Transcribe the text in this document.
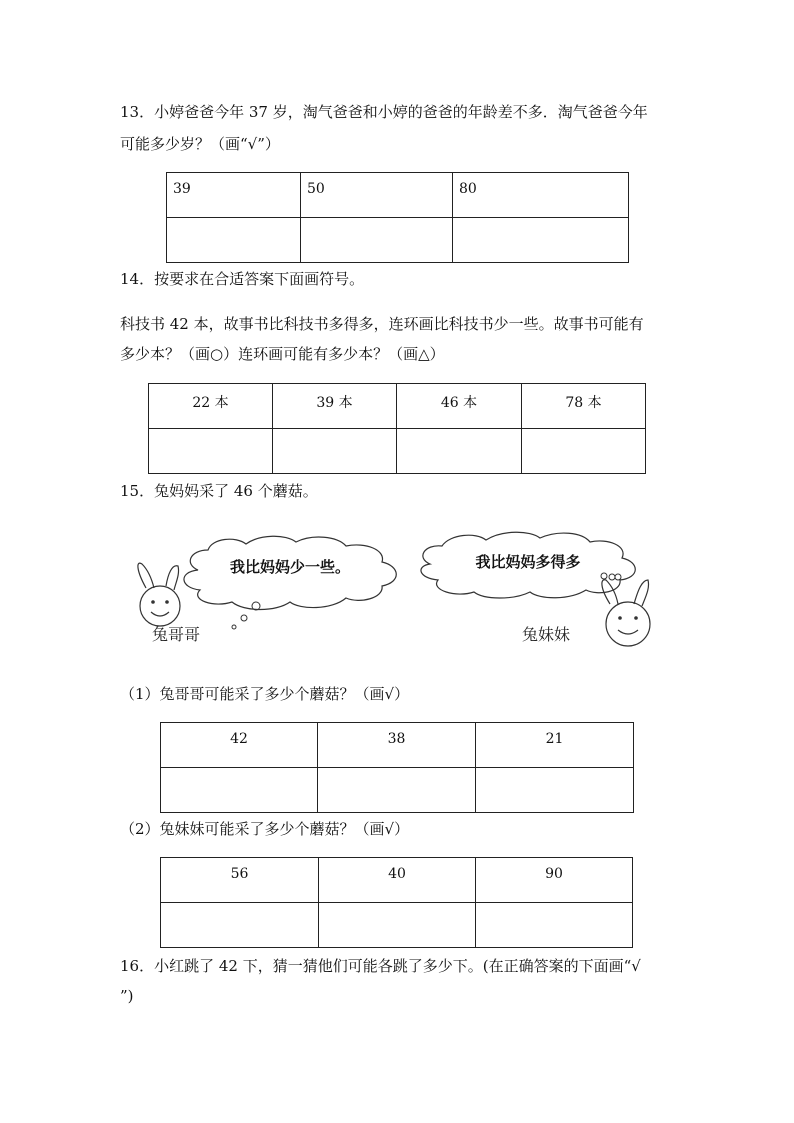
13．小婷爸爸今年 37 岁，淘气爸爸和小婷的爸爸的年龄差不多．淘气爸爸今年
可能多少岁？（画“√”）
39	50	80

14．按要求在合适答案下面画符号。
科技书 42 本，故事书比科技书多得多，连环画比科技书少一些。故事书可能有
多少本？（画○）连环画可能有多少本？（画△）
22 本	39 本	46 本	78 本

15．兔妈妈采了 46 个蘑菇。
我比妈妈少一些。	我比妈妈多得多
兔哥哥	兔妹妹
（1）兔哥哥可能采了多少个蘑菇？（画√）
42	38	21

（2）兔妹妹可能采了多少个蘑菇？（画√）
56	40	90

16．小红跳了 42 下，猜一猜他们可能各跳了多少下。(在正确答案的下面画“√
”)
